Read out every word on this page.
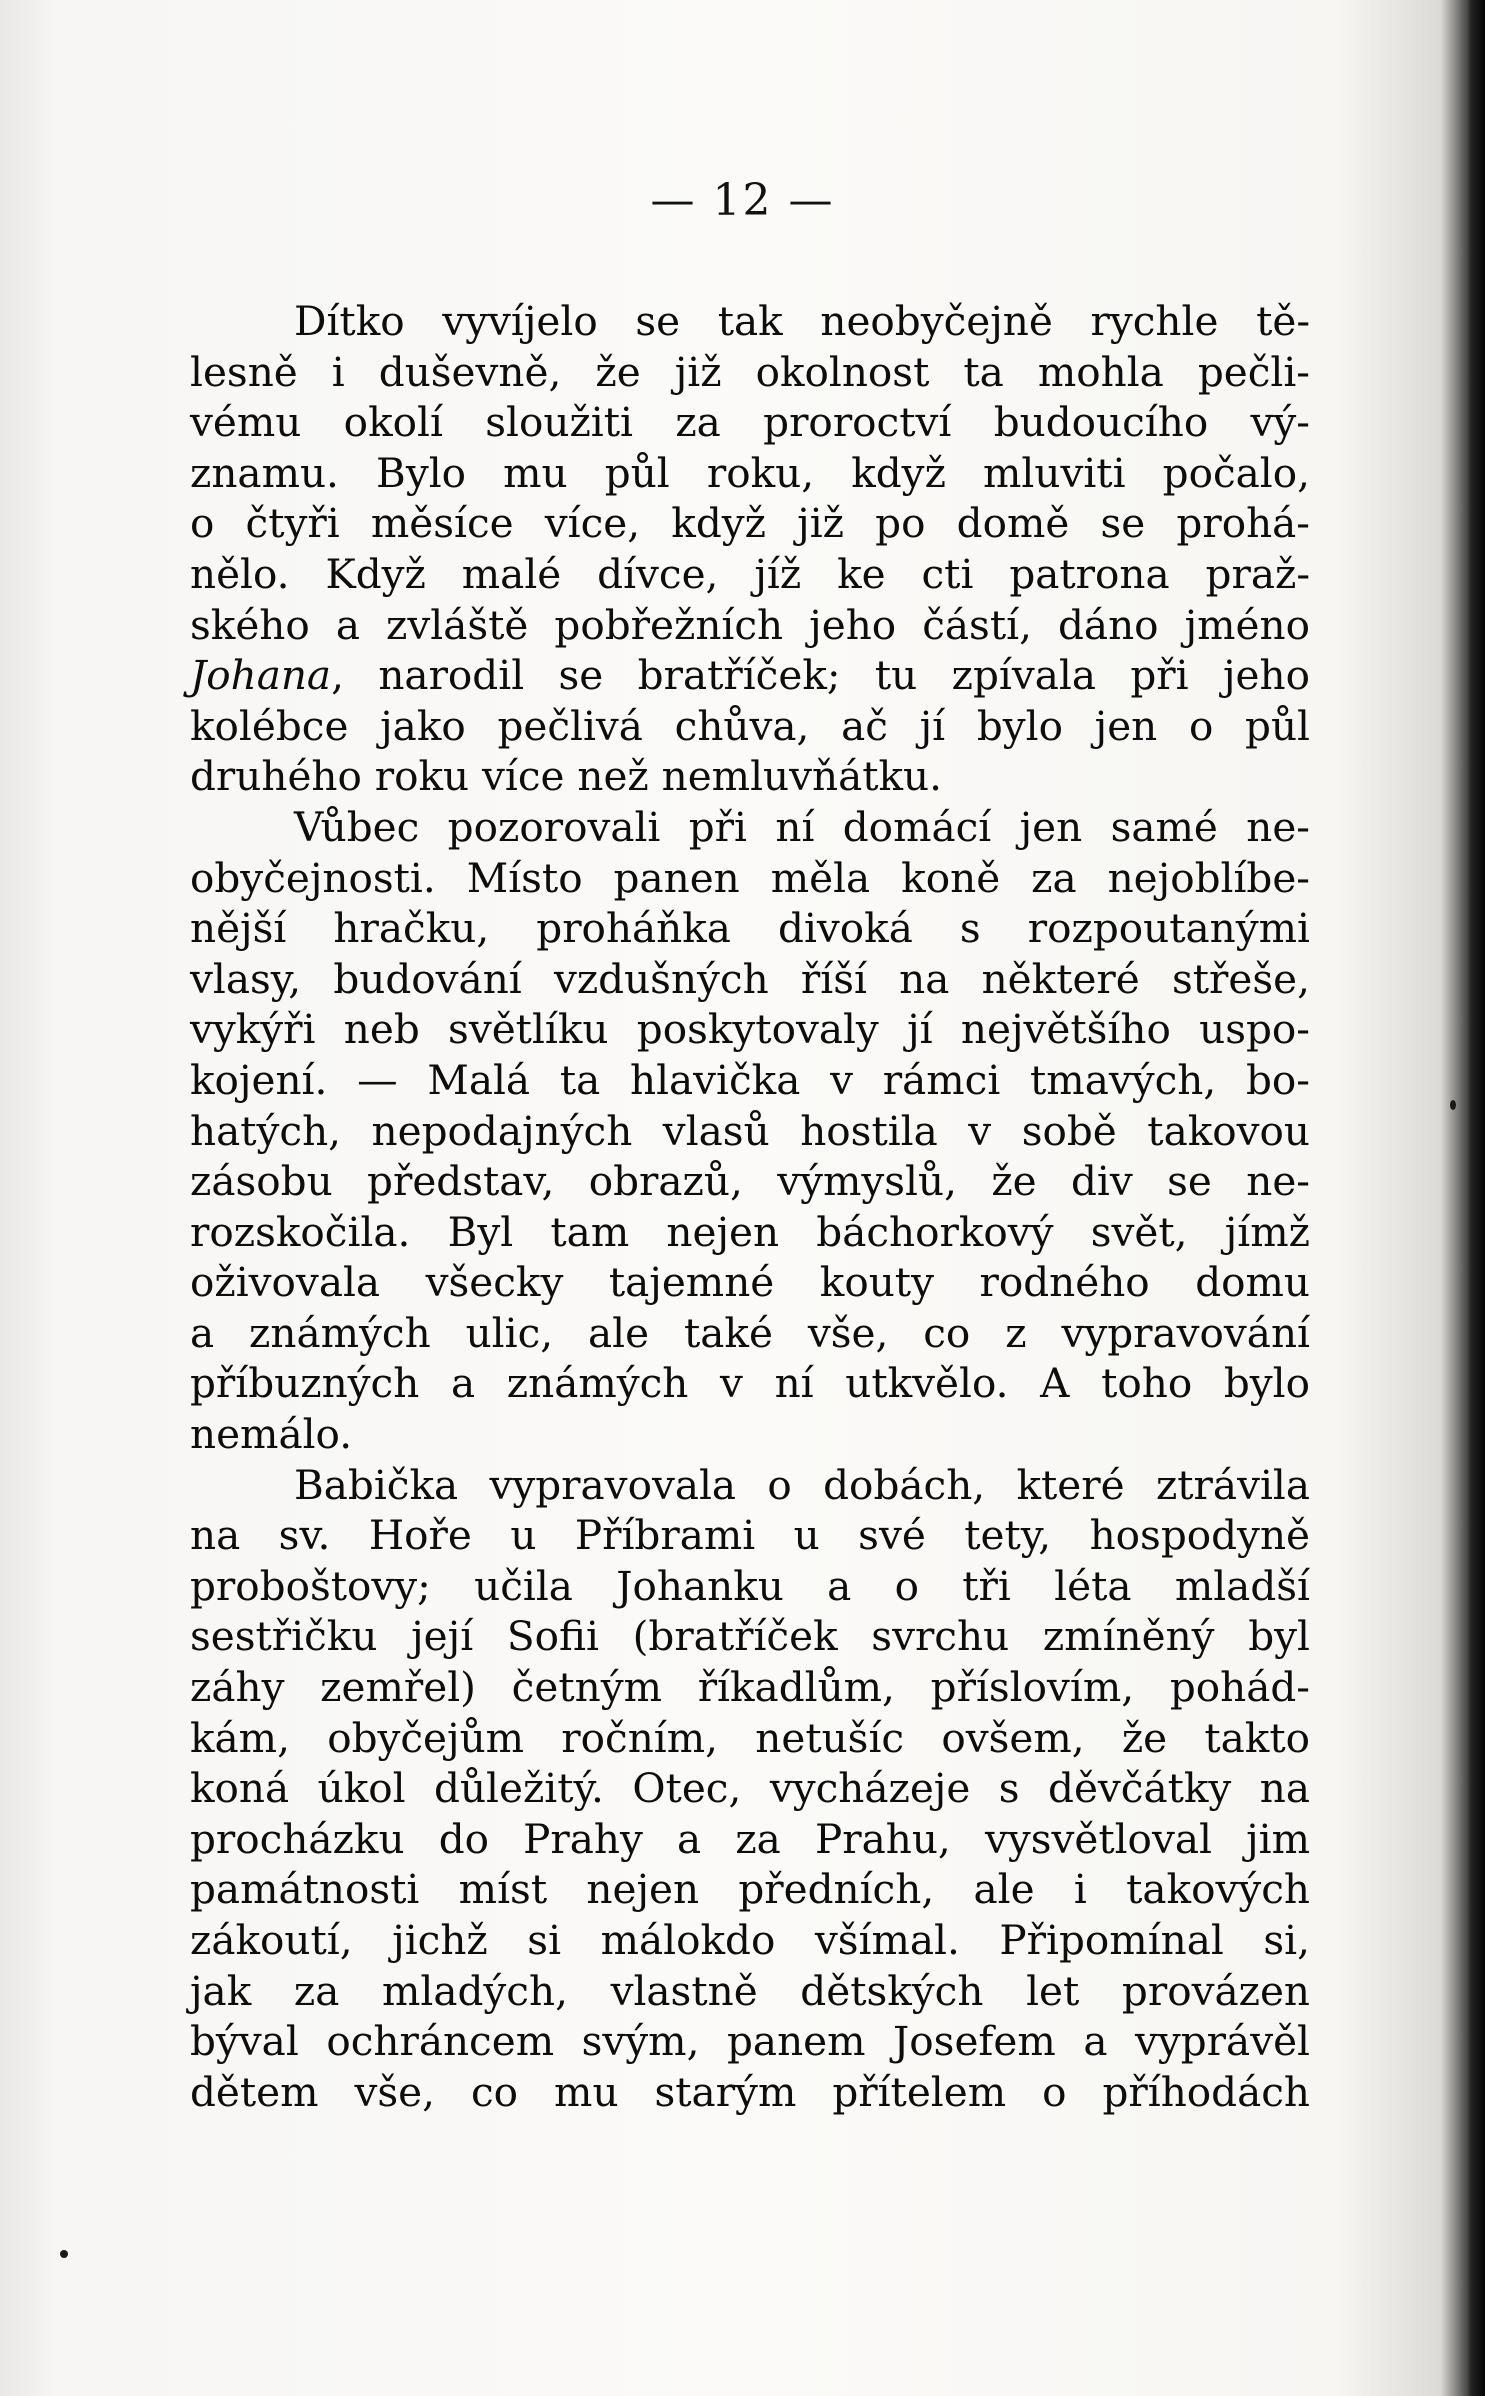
— 12 —
Dítko vyvíjelo se tak neobyčejně rychle tě-
lesně i duševně, že již okolnost ta mohla pečli-
vému okolí sloužiti za proroctví budoucího vý-
znamu. Bylo mu půl roku, když mluviti počalo,
o čtyři měsíce více, když již po domě se prohá-
nělo. Když malé dívce, jíž ke cti patrona praž-
ského a zvláště pobřežních jeho částí, dáno jméno
Johana, narodil se bratříček; tu zpívala při jeho
kolébce jako pečlivá chůva, ač jí bylo jen o půl
druhého roku více než nemluvňátku.
Vůbec pozorovali při ní domácí jen samé ne-
obyčejnosti. Místo panen měla koně za nejoblíbe-
nější hračku, proháňka divoká s rozpoutanými
vlasy, budování vzdušných říší na některé střeše,
vykýři neb světlíku poskytovaly jí největšího uspo-
kojení. — Malá ta hlavička v rámci tmavých, bo-
hatých, nepodajných vlasů hostila v sobě takovou
zásobu představ, obrazů, výmyslů, že div se ne-
rozskočila. Byl tam nejen báchorkový svět, jímž
oživovala všecky tajemné kouty rodného domu
a známých ulic, ale také vše, co z vypravování
příbuzných a známých v ní utkvělo. A toho bylo
nemálo.
Babička vypravovala o dobách, které ztrávila
na sv. Hoře u Příbrami u své tety, hospodyně
proboštovy; učila Johanku a o tři léta mladší
sestřičku její Sofii (bratříček svrchu zmíněný byl
záhy zemřel) četným říkadlům, příslovím, pohád-
kám, obyčejům ročním, netušíc ovšem, že takto
koná úkol důležitý. Otec, vycházeje s děvčátky na
procházku do Prahy a za Prahu, vysvětloval jim
památnosti míst nejen předních, ale i takových
zákoutí, jichž si málokdo všímal. Připomínal si,
jak za mladých, vlastně dětských let provázen
býval ochráncem svým, panem Josefem a vyprávěl
dětem vše, co mu starým přítelem o příhodách
